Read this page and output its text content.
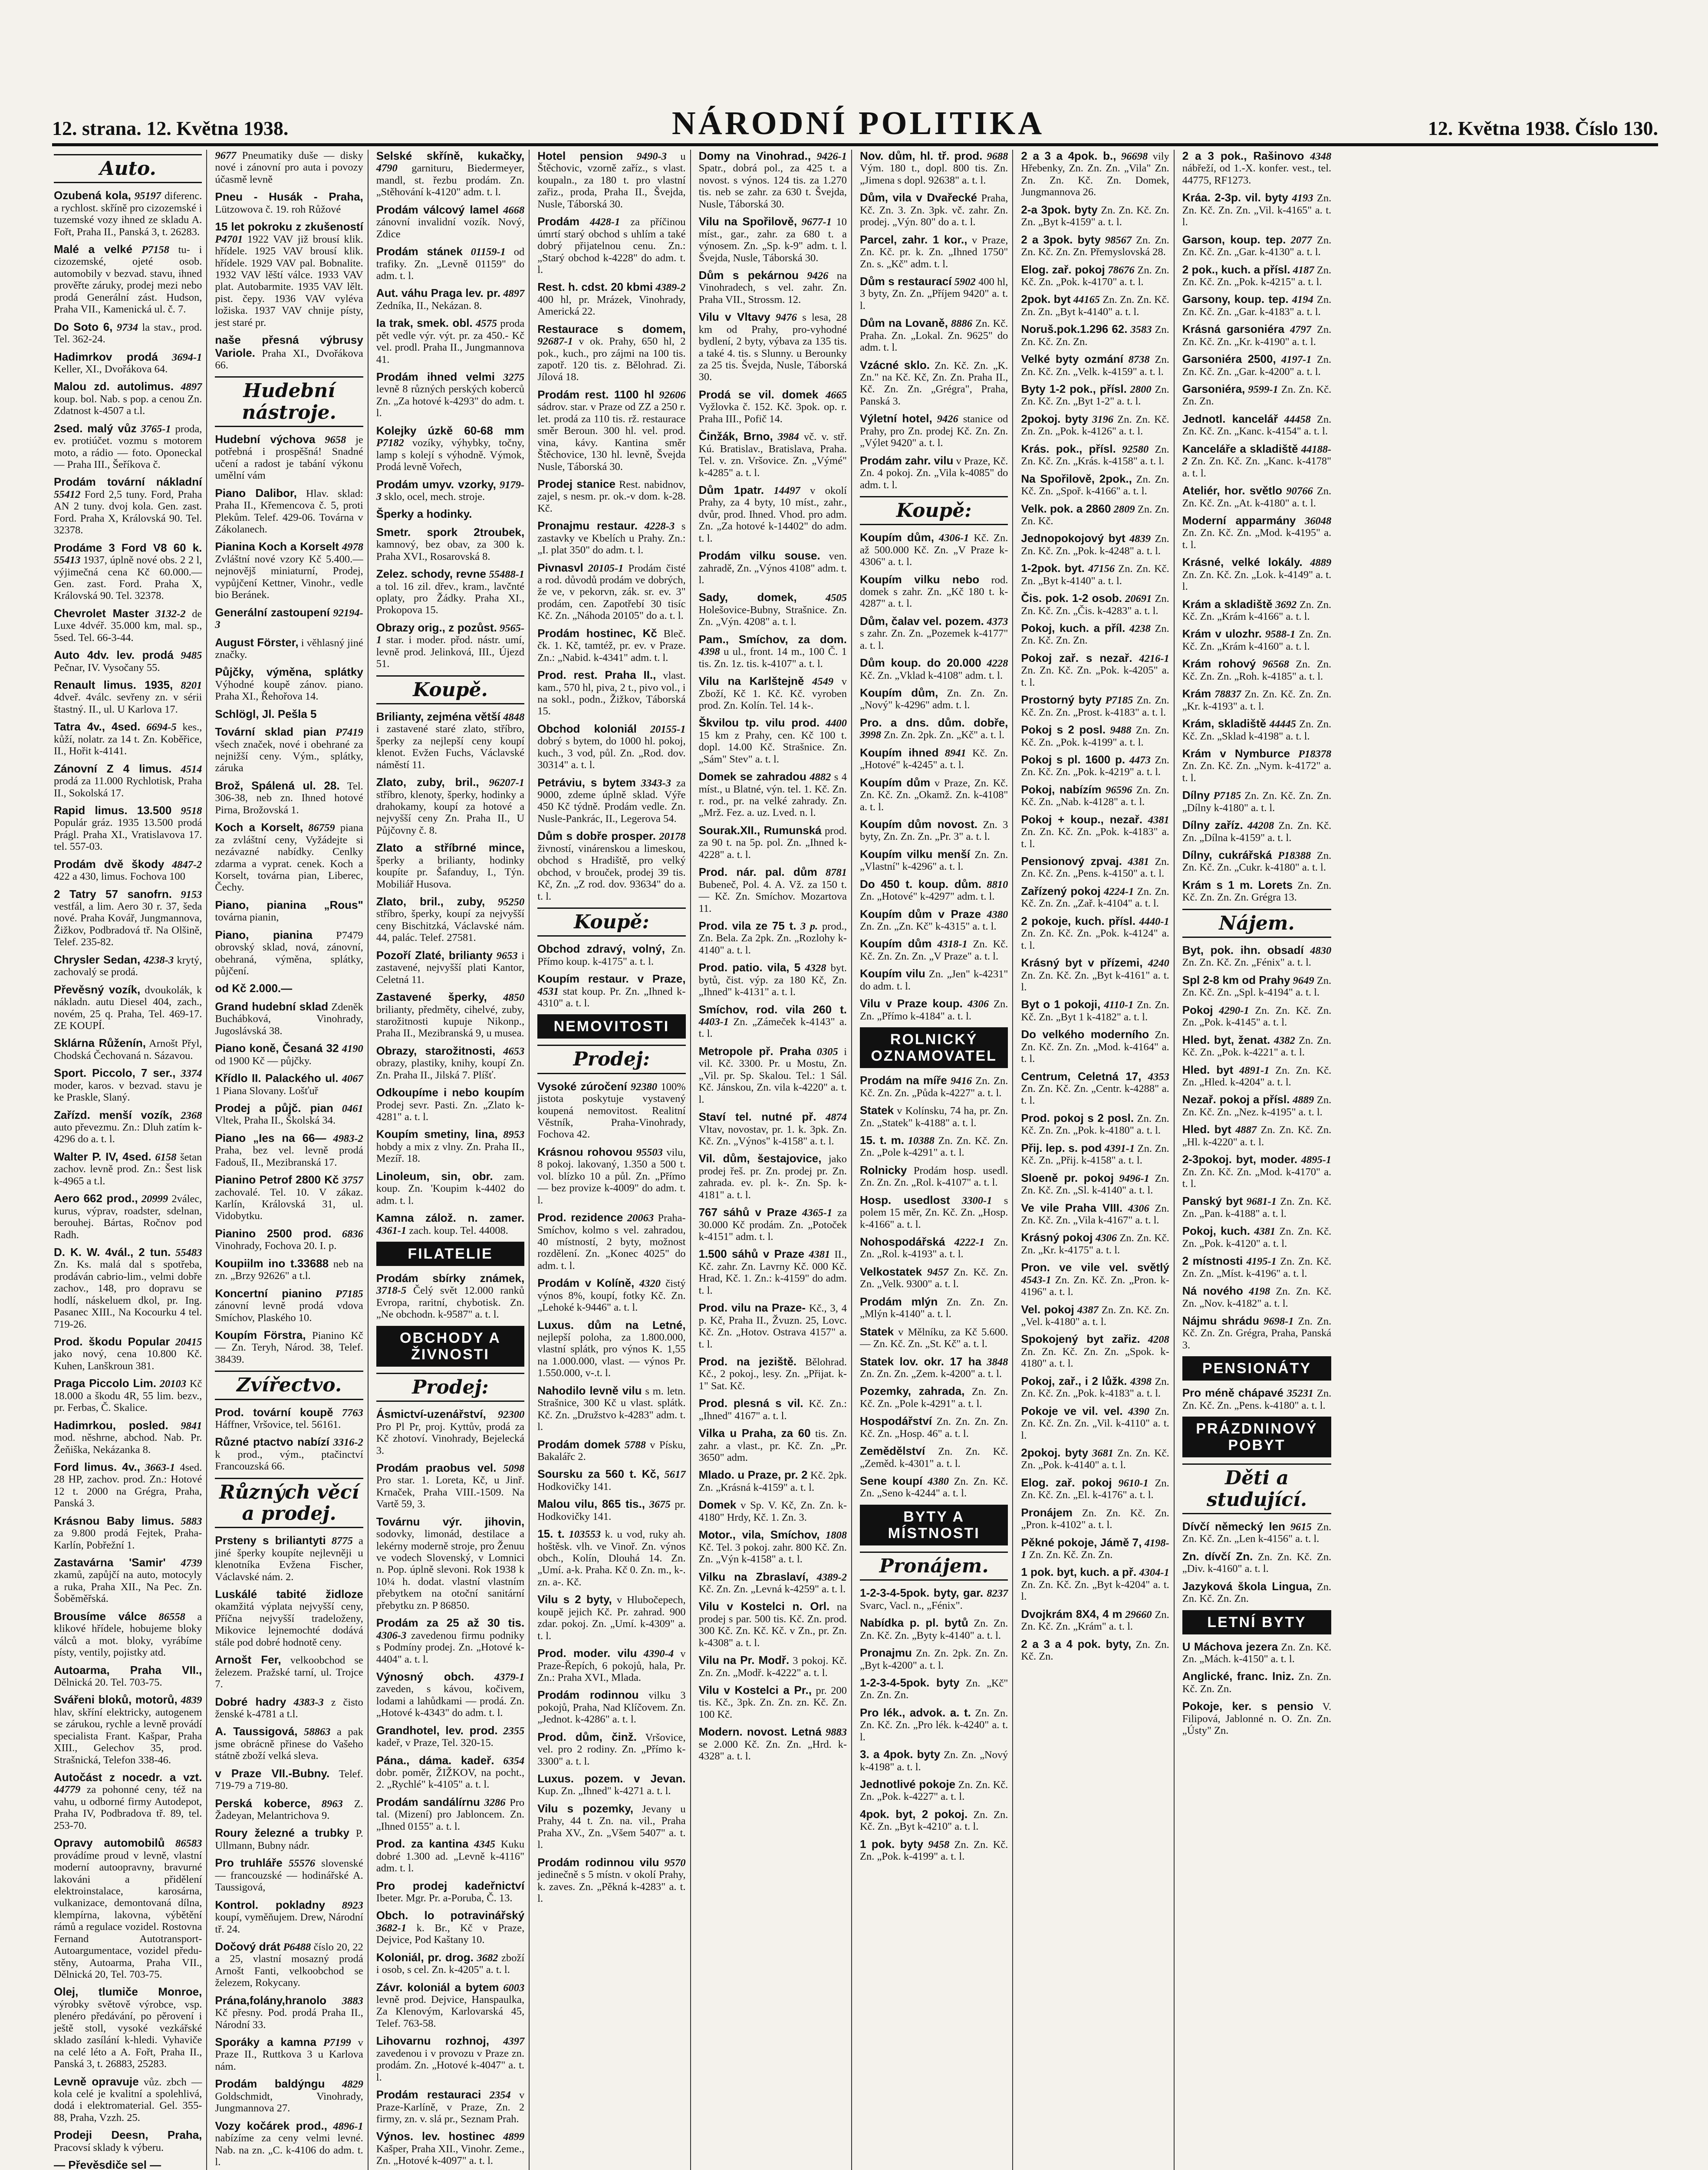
12. strana. 12. Května 1938.	NÁRODNÍ POLITIKA	12. Května 1938. Číslo 130.
Auto.
Ozubená kola, 95197 diferenc. a rychlost. skříně pro cizozemské i tuzemské vozy ihned ze skladu A. Fořt, Praha II., Panská 3, t. 26283.
Malé a velké P7158 tu- i cizozemské, ojeté osob. automobily v bezvad. stavu, ihned prověřte záruky, prodej mezi nebo prodá Generální zást. Hudson, Praha VII., Kamenická ul. č. 7.
Do Soto 6, 9734 la stav., prod. Tel. 362-24.
Hadimrkov prodá 3694-1 Keller, XI., Dvořákova 64.
Malou zd. autolimus. 4897 koup. bol. Nab. s pop. a cenou Zn. Zdatnost k-4507 a t.l.
2sed. malý vůz 3765-1 proda, ev. protiúčet. vozmu s motorem moto, a rádio — foto. Oponeckal — Praha III., Šeříkova č.
Prodám tovární nákladní 55412 Ford 2,5 tuny. Ford, Praha AN 2 tuny. dvoj kola. Gen. zast. Ford. Praha X, Královská 90. Tel. 32378.
Prodáme 3 Ford V8 60 k. 55413 1937, úplně nové obs. 2 2 l, výjimečná cena Kč 60.000.— Gen. zast. Ford. Praha X, Královská 90. Tel. 32378.
Chevrolet Master 3132-2 de Luxe 4dvéř. 35.000 km, mal. sp., 5sed. Tel. 66-3-44.
Auto 4dv. lev. prodá 9485 Pečnar, IV. Vysočany 55.
Renault limus. 1935, 8201 4dveř. 4válc. sevřeny zn. v sérii štastný. II., ul. U Karlova 17.
Tatra 4v., 4sed. 6694-5 kes., kůží, nolatr. za 14 t. Zn. Koběřice, II., Hořit k-4141.
Zánovní Z 4 limus. 4514 prodá za 11.000 Rychlotisk, Praha II., Sokolská 17.
Rapid limus. 13.500 9518 Populár gráz. 1935 13.500 prodá Prágl. Praha XI., Vratislavova 17. tel. 557-03.
Prodám dvě škody 4847-2 422 a 430, limus. Fochova 100
2 Tatry 57 sanofrn. 9153 vestfál, a lim. Aero 30 r. 37, šeda nové. Praha Kovář, Jungmannova, Žižkov, Podbradová tř. Na Olšině, Telef. 235-82.
Chrysler Sedan, 4238-3 krytý, zachovalý se prodá.
Převěsný vozík, dvoukolák, k nákladn. autu Diesel 404, zach., novém, 25 q. Praha, Tel. 469-17. ZE KOUPÍ.
Sklárna Růženín, Arnošt Přyl, Chodská Čechovaná n. Sázavou.
Sport. Piccolo, 7 ser., 3374 moder, karos. v bezvad. stavu je ke Praskle, Slaný.
Zařízd. menší vozík, 2368 auto převezmu. Zn.: Dluh zatím k-4296 do a. t. l.
Walter P. IV, 4sed. 6158 šetan zachov. levně prod. Zn.: Šest lisk k-4965 a t.l.
Aero 662 prod., 20999 2válec, kurus, výprav, roadster, sdelnan, berouhej. Bártas, Ročnov pod Radh.
D. K. W. 4vál., 2 tun. 55483 Zn. Ks. malá dal s spotřeba, prodáván cabrio-lim., velmi dobře zachov., 148, pro dopravu se hodlí, náskeluem dkol, pr. Ing. Pasanec XIII., Na Kocourku 4 tel. 719-26.
Prod. škodu Popular 20415 jako nový, cena 10.800 Kč. Kuhen, Lanškroun 381.
Praga Piccolo Lim. 20103 Kč 18.000 a škodu 4R, 55 lim. bezv., pr. Ferbas, Č. Skalice.
Hadimrkou, posled. 9841 mod. něshrne, abchod. Nab. Pr. Žeňiška, Nekázanka 8.
Ford limus. 4v., 3663-1 4sed. 28 HP, zachov. prod. Zn.: Hotové 12 t. 2000 na Grégra, Praha, Panská 3.
Krásnou Baby limus. 5883 za 9.800 prodá Fejtek, Praha-Karlín, Pobřežní 1.
Zastavárna 'Samir' 4739 zkamů, zapůjčí na auto, motocyly a ruka, Praha XII., Na Pec. Zn. Šoběměřská.
Brousíme válce 86558 a klikové hřídele, hobujeme bloky válců a mot. bloky, vyrábíme písty, ventily, pojistky atd.
Autoarma, Praha VII., Dělnická 20. Tel. 703-75.
Svářeni bloků, motorů, 4839 hlav, skříní elektricky, autogenem se zárukou, rychle a levně provádí specialista Frant. Kašpar, Praha XIII., Gelechov 35, prod. Strašnická, Telefon 338-46.
Autočást z nocedr. a vzt. 44779 za pohonné ceny, též na vahu, u odborné firmy Autodepot, Praha IV, Podbradova tř. 89, tel. 253-70.
Opravy automobilů 86583 provádíme proud v levně, vlastní moderní autoopravny, bravurné lakováni a přidělení elektroinstalace, karosárna, vulkanizace, demontovaná dílna, klempírna, lakovna, výbětění rámů a regulace vozidel. Rostovna Fernand Autotransport-Autoargumentace, vozidel předu-stěny, Autoarma, Praha VII., Dělnická 20, Tel. 703-75.
Olej, tlumiče Monroe, výrobky světově výrobce, vsp. plenéro předávání, po pěrovení i ještě stoll, vysoké vezkářské sklado zasílání k-hledi. Vyhaviče na celé léto a A. Fořt, Praha II., Panská 3, t. 26883, 25283.
Levně opravuje vůz. zbch — kola celé je kvalitní a spolehlivá, dodá i elektromaterial. Gel. 355-88, Praha, Vzzh. 25.
Prodeji Deesn, Praha, Pracovsí sklady k výberu.
— Převěsdiče sel —
9677 Pneumatiky duše — disky nové i zánovní pro auta i povozy účasmě levně
Pneu - Husák - Praha, Lützowova č. 19. roh Růžové
15 let pokroku z zkušeností P4701 1922 VAV již brousí klik. hřídele. 1925 VAV brousí klik. hřídele. 1929 VAV pal. Bobnalite. 1932 VAV lěští válce. 1933 VAV plat. Autobarmite. 1935 VAV lělt. pist. čepy. 1936 VAV vyléva ložiska. 1937 VAV chnije písty, jest staré pr.
naše přesná výbrusy Variole. Praha XI., Dvořákova 66.
Hudební nástroje.
Hudební výchova 9658 je potřebná i prospěšná! Snadné učení a radost je tabání výkonu umělní vám
Piano Dalibor, Hlav. sklad: Praha II., Křemencova č. 5, proti Plekům. Telef. 429-06. Továrna v Zákolanech.
Pianina Koch a Korselt 4978 Zvláštní nové vzory Kč 5.400.— nejnovějš miniaturní, Prodej, vypůjčení Kettner, Vinohr., vedle bio Beránek.
Generální zastoupení 92194-3
August Förster, i věhlasný jiné značky.
Půjčky, výměna, splátky Výhodné koupě zánov. piano. Praha XI., Řehořova 14.
Schlögl, Jl. Pešla 5
Tovární sklad pian P7419 všech značek, nové i obehrané za nejnižší ceny. Vým., splátky, záruka
Brož, Spálená ul. 28. Tel. 306-38, neb zn. Ihned hotové Pirna, Brožovská 1.
Koch a Korselt, 86759 piana za zvláštní ceny, Vyžádejte si nezávazné nabídky. Cenlky zdarma a vyprat. cenek. Koch a Korselt, továrna pian, Liberec, Čechy.
Piano, pianina „Rous" továrna pianin,
Piano, pianina P7479 obrovský sklad, nová, zánovní, obehraná, výměna, splátky, půjčení.
od Kč 2.000.—
Grand hudební sklad Zdeněk Buchábková, Vinohrady, Jugoslávská 38.
Piano koně, Česaná 32 4190 od 1900 Kč — půjčky.
Křídlo II. Palackého ul. 4067 1 Piana Slovany. Lošťuř
Prodej a půjč. pian 0461 Vltek, Praha II., Školská 34.
Piano „Ies na 66— 4983-2 Praha, bez vel. levně prodá Fadouš, II., Mezibranská 17.
Pianino Petrof 2800 Kč 3757 zachovalé. Tel. 10. V zákaz. Karlín, Královská 31, ul. Vidobytku.
Pianino 2500 prod. 6836 Vinohrady, Fochova 20. I. p.
Koupiilm ino t.33688 neb na zn. „Brzy 92626" a t.l.
Koncertní pianino P7185 zánovní levně prodá vdova Smíchov, Plaského 10.
Koupím Förstra, Pianino Kč — Zn. Teryh, Národ. 38, Telef. 38439.
Zvířectvo.
Prod. tovární koupě 7763 Háffner, Vršovice, tel. 56161.
Různé ptactvo nabízí 3316-2 k prod., vým., ptačinctví Francouzská 66.
Různých věcí a prodej.
Prsteny s briliantyti 8775 a jiné šperky koupíte nejlevněji u klenotníka Evžena Fischer, Václavské nám. 2.
Luskálé tabité židloze okamžitá výplata nejvyšší ceny, Příčna nejvyšší tradeloženy, Mikovice lejnemochté dodává stále pod dobré hodnotě ceny.
Arnošt Fer, velkoobchod se železem. Pražské tarní, ul. Trojce 7.
Dobré hadry 4383-3 z čisto ženské k-4781 a t.l.
A. Taussigová, 58863 a pak jsme obrácně přinese do Vašeho státně zboží velká sleva.
v Praze VII.-Bubny. Telef. 719-79 a 719-80.
Perská koberce, 8963 Z. Žadeyan, Melantrichova 9.
Roury železné a trubky P. Ullmann, Bubny nádr.
Pro truhláře 55576 slovenské — francouzské — hodinářské A. Taussigová,
Kontrol. pokladny 8923 koupí, vyměňujem. Drew, Národní tř. 24.
Dočový drát P6488 číslo 20, 22 a 25, vlastní mosazný prodá Arnošt Fanti, velkoobchod se železem, Rokycany.
Prána,folány,hranolo 3883 Kč přesny. Pod. prodá Praha II., Národní 33.
Sporáky a kamna P7199 v Praze II., Ruttkova 3 u Karlova nám.
Prodám baldýngu 4829 Goldschmidt, Vinohrady, Jungmannova 27.
Vozy kočárek prod., 4896-1 nabízíme za ceny velmi levné. Nab. na zn. „C. k-4106 do adm. t. l.
Selské skříně, kukačky, 4790 garnituru, Biedermeyer, mandl, st. řezbu prodám. Zn. „Stěhování k-4120" adm. t. l.
Prodám válcový lamel 4668 zánovní invalidní vozík. Nový, Zdice
Prodám stánek 01159-1 od trafiky. Zn. „Levně 01159" do adm. t. l.
Aut. váhu Praga lev. pr. 4897 Zedníka, II., Nekázan. 8.
Ia trak, smek. obl. 4575 proda pět vedle výr. výt. pr. za 450.- Kč vel. prodl. Praha II., Jungmannova 41.
Prodám ihned velmi 3275 levně 8 různých perských koberců Zn. „Za hotové k-4293" do adm. t. l.
Kolejky úzkě 60-68 mm P7182 vozíky, výhybky, točny, lamp s kolejí s výhodně. Výmok, Prodá levně Vořech,
Prodám umyv. vzorky, 9179-3 sklo, ocel, mech. stroje.
Šperky a hodinky.
Smetr. spork 2troubek, kamnový, bez obav, za 300 k. Praha XVI., Rosarovská 8.
Zelez. schody, revne 55488-1 a tol. 16 zil. dřev., kram., lavčnté oplaty, pro Žádky. Praha XI., Prokopova 15.
Obrazy orig., z pozůst. 9565-1 star. i moder. přod. nástr. umí, levně prod. Jelinková, III., Újezd 51.
Koupě.
Brilianty, zejména větší 4848 i zastavené staré zlato, stříbro, šperky za nejlepší ceny koupí klenot. Evžen Fuchs, Václavské náměstí 11.
Zlato, zuby, bril., 96207-1 stříbro, klenoty, šperky, hodinky a drahokamy, koupí za hotové a nejvyšší ceny Zn. Praha II., U Půjčovny č. 8.
Zlato a stříbrné mince, šperky a brilianty, hodinky koupíte pr. Šafanduy, I., Týn. Mobiliář Husova.
Zlato, bril., zuby, 95250 stříbro, šperky, koupí za nejvyšší ceny Bischitzká, Václavské nám. 44, palác. Telef. 27581.
Pozoří Zlaté, brilianty 9653 i zastavené, nejvyšší plati Kantor, Celetná 11.
Zastavené šperky, 4850 brilianty, předměty, cihelvé, zuby, starožitnosti kupuje Nikonp., Praha II., Mezibranská 9, u musea.
Obrazy, starožitnosti, 4653 obrazy, plastiky, knihy, koupí Zn. Zn. Praha II., Jilská 7. Plíšť.
Odkoupíme i nebo koupím Prodej sevr. Pasti. Zn. „Zlato k-4281" a. t. l.
Koupím smetiny, lina, 8953 hobdy a mix z vlny. Zn. Praha II., Mezíř. 18.
Linoleum, sin, obr. zam. koup. Zn. 'Koupim k-4402 do adm. t. l.
Kamna zálož. n. zamer. 4361-1 zach. koup. Tel. 44008.
FILATELIE
Prodám sbírky známek, 3718-5 Čelý svět 12.000 ranků Evropa, raritní, chybotisk. Zn. „Ne obchodn. k-9587" a. t. l.
OBCHODY A ŽIVNOSTI
Prodej:
Ásmictví-uzenářství, 92300 Pro Pl Pr, proj. Kyttův, prodá za Kč zhotoví. Vinohrady, Bejelecká 3.
Prodám praobus vel. 5098 Pro star. 1. Loreta, Kč, u Jinř. Krnaček, Praha VIII.-1509. Na Vartě 59, 3.
Továrnu výr. jihovin, sodovky, limonád, destilace a lekérny moderně stroje, pro Ženuu ve vodech Slovenský, v Lomnici n. Pop. úplně slevoni. Rok 1938 k 10¼ h. dodat. vlastní vlastním přebytkem na otoční sanitární přebytku zn. P 86850.
Prodám za 25 až 30 tis. 4306-3 zavedenou firmu podniky s Podmíny prodej. Zn. „Hotové k-4404" a. t. l.
Výnosný obch. 4379-1 zaveden, s kávou, kočivem, lodami a lahůdkami — prodá. Zn. „Hotové k-4343" do adm. t. l.
Grandhotel, lev. prod. 2355 kadeř, v Praze, Tel. 320-15.
Pána., dáma. kadeř. 6354 dobr. poměr, ŽIŽKOV, na pocht., 2. „Rychlé" k-4105" a. t. l.
Prodám sandálírnu 3286 Pro tal. (Mizení) pro Jabloncem. Zn. „Ihned 0155" a. t. l.
Prod. za kantina 4345 Kuku dobré 1.300 ad. „Levně k-4116" adm. t. l.
Pro prodej kadeřnictví Ibeter. Mgr. Pr. a-Poruba, Č. 13.
Obch. lo potravinářský 3682-1 k. Br., Kč v Praze, Dejvice, Pod Kaštany 10.
Koloniál, pr. drog. 3682 zboží i osob, s cel. Zn. k-4205" a. t. l.
Závr. koloniál a bytem 6003 levně prod. Dejvice, Hanspaulka, Za Klenovým, Karlovarská 45, Telef. 763-58.
Lihovarnu rozhnoj, 4397 zavedenou i v provozu v Praze zn. prodám. Zn. „Hotové k-4047" a. t. l.
Prodám restauraci 2354 v Praze-Karlíně, v Praze, Zn. 2 firmy, zn. v. slá pr., Seznam Prah.
Výnos. lev. hostinec 4899 Kašper, Praha XII., Vinohr. Zeme., Zn. „Hotové k-4097" a. t. l.
Hotel pension 9490-3 u Štěchovic, vzorně zaříz., s vlast. koupaln., za 180 t. pro vlastní zařiz., proda, Praha II., Švejda, Nusle, Táborská 30.
Prodám 4428-1 za příčinou úmrtí starý obchod s uhlím a také dobrý přijatelnou cenu. Zn.: „Starý obchod k-4228" do adm. t. l.
Rest. h. cdst. 20 kbmi 4389-2 400 hl, pr. Mrázek, Vinohrady, Americká 22.
Restaurace s domem, 92687-1 v ok. Prahy, 650 hl, 2 pok., kuch., pro zájmi na 100 tis. zapotř. 120 tis. z. Bělohrad. Zi. Jílová 18.
Prodám rest. 1100 hl 92606 sádrov. star. v Praze od ZZ a 250 r. let. prodá za 110 tis. rž. restaurace směr Beroun. 300 hl. vel. prod. vina, kávy. Kantina směr Štěchovice, 130 hl. levně, Švejda Nusle, Táborská 30.
Prodej stanice Rest. nabidnov, zajel, s nesm. pr. ok.-v dom. k-28. Kč.
Pronajmu restaur. 4228-3 s zastavky ve Kbelích u Prahy. Zn.: „I. plat 350" do adm. t. l.
Pivnasvl 20105-1 Prodám čisté a rod. důvodů prodám ve dobrých, že ve, v pekorvn, zák. sr. ev. 3" prodám, cen. Zapotřebí 30 tisíc Kč. Zn. „Náhoda 20105" do a. t. l.
Prodám hostinec, Kč Bleč. čk. 1. Kč, tamtéž, pr. ev. v Praze. Zn.: „Nabid. k-4341" adm. t. l.
Prod. rest. Praha II., vlast. kam., 570 hl, piva, 2 t., pivo vol., i na sokl., podn., Žižkov, Táborská 15.
Obchod koloniál 20155-1 dobrý s bytem, do 1000 hl. pokoj, kuch., 3 vod, půl. Zn. „Rod. dov. 30314" a. t. l.
Petráviu, s bytem 3343-3 za 9000, zdeme úplně sklad. Výře 450 Kč týdně. Prodám vedle. Zn. Nusle-Pankrác, II., Legerova 54.
Dům s dobře prosper. 20178 živností, vinárenskou a limeskou, obchod s Hradiště, pro velký obchod, v brouček, prodej 39 tis. Kč, Zn. „Z rod. dov. 93634" do a. t. l.
Koupě:
Obchod zdravý, volný, Zn. Přímo koup. k-4175" a. t. l.
Koupím restaur. v Praze, 4531 stat koup. Pr. Zn. „Ihned k-4310" a. t. l.
NEMOVITOSTI
Prodej:
Vysoké zúročení 92380 100% jistota poskytuje vystavený koupená nemovitost. Realitní Věstník, Praha-Vinohrady, Fochova 42.
Krásnou rohovou 95503 vilu, 8 pokoj. lakovaný, 1.350 a 500 t. vol. blízko 10 a půl. Zn. „Přímo — bez provize k-4009" do adm. t. l.
Prod. rezidence 20063 Praha-Smíchov, kolmo s vel. zahradou, 40 místností, 2 byty, možnost rozdělení. Zn. „Konec 4025" do adm. t. l.
Prodám v Kolíně, 4320 čistý výnos 8%, koupí, fotky Kč. Zn. „Lehoké k-9446" a. t. l.
Luxus. dům na Letné, nejlepší poloha, za 1.800.000, vlastní splátk, pro výnos K. 1,55 na 1.000.000, vlast. — výnos Pr. 1.550.000, v-.t. l.
Nahodilo levně vilu s m. letn. Strašnice, 300 Kč u vlast. splátk. Kč. Zn. „Družstvo k-4283" adm. t. l.
Prodám domek 5788 v Písku, Bakalářc 2.
Soursku za 560 t. Kč, 5617 Hodkovičky 141.
Malou vilu, 865 tis., 3675 pr. Hodkovičky 141.
15. t. 103553 k. u vod, ruky ah. hoštěsk. vlh. ve Vinoř. Zn. výnos obch., Kolín, Dlouhá 14. Zn. „Umí. a-k. Praha. Kč 0. Zn. m., k-. zn. a-. Kč.
Vilu s 2 byty, v Hlubočepech, koupě jejich Kč. Pr. zahrad. 900 zdar. pokoj. Zn. „Umí. k-4309" a. t. l.
Prod. moder. vilu 4390-4 v Praze-Řepích, 6 pokojů, hala, Pr. Zn.: Praha XVI., Mlada.
Prodám rodinnou vilku 3 pokojů, Praha, Nad Klíčovem. Zn. „Jednot. k-4286" a. t. l.
Prod. dům, činž. Vršovice, vel. pro 2 rodiny. Zn. „Přímo k-3300" a. t. l.
Luxus. pozem. v Jevan. Kup. Zn. „Ihned" k-4271 a. t. l.
Vilu s pozemky, Jevany u Prahy, 44 t. Zn. na. vil., Praha Praha XV., Zn. „Všem 5407" a. t. l.
Prodám rodinnou vilu 9570 jedinečně s 5 místn. v okolí Prahy, k. zaves. Zn. „Pěkná k-4283" a. t. l.
Domy na Vinohrad., 9426-1 Spatr., dobrá pol., za 425 t. a novost. s výnos. 124 tis. za 1.270 tis. neb se zahr. za 630 t. Švejda, Nusle, Táborská 30.
Vilu na Spořilově, 9677-1 10 míst., gar., zahr. za 680 t. a výnosem. Zn. „Sp. k-9" adm. t. l. Švejda, Nusle, Táborská 30.
Dům s pekárnou 9426 na Vinohradech, s vel. zahr. Zn. Praha VII., Strossm. 12.
Vilu v Vltavy 9476 s lesa, 28 km od Prahy, pro-vyhodné bydlení, 2 byty, výbava za 135 tis. a také 4. tis. s Slunny. u Berounky za 25 tis. Švejda, Nusle, Táborská 30.
Prodá se vil. domek 4665 Vyžlovka č. 152. Kč. 3pok. op. r. Praha III., Pofič 14.
Činžák, Brno, 3984 vč. v. stř. Kú. Bratislav., Bratislava, Praha. Tel. v. zn. Vršovice. Zn. „Výmé" k-4285" a. t. l.
Dům 1patr. 14497 v okolí Prahy, za 4 byty, 10 míst., zahr., dvůr, prod. Ihned. Vhod. pro adm. Zn. „Za hotové k-14402" do adm. t. l.
Prodám vilku souse. ven. zahradě, Zn. „Výnos 4108" adm. t. l.
Sady, domek,	4505 Holešovice-Bubny, Strašnice. Zn. Zn. „Výn. 4208" a. t. l.
Pam., Smíchov, za dom. 4398 u ul., front. 14 m., 100 Č. 1 tis. Zn. 1z. tis. k-4107" a. t. l.
Vilu na Karlštejně 4549 v Zboží, Kč 1. Kč. Kč. vyroben prod. Zn. Kolín. Tel. 14 k-.
Škvilou tp. vilu prod. 4400 15 km z Prahy, cen. Kč 100 t. dopl. 14.00 Kč. Strašnice. Zn. „Sám" Stev" a. t. l.
Domek se zahradou 4882 s 4 míst., u Blatné, výn. tel. 1. Kč. Zn. r. rod., pr. na velké zahrady. Zn. „Mrž. Fez. a. uz. Lved. n. l.
Sourak.XII., Rumunská prod. za 90 t. na 5p. pol. Zn. „Ihned k-4228" a. t. l.
Prod. nár. pal. dům 8781 Bubeneč, Pol. 4. A. Vž. za 150 t. — Kč. Zn. Smíchov. Mozartova 11.
Prod. vila ze 75 t. 3 p. prod., Zn. Bela. Za 2pk. Zn. „Rozlohy k-4140" a. t. l.
Prod. patio. vila, 5 4328 byt. bytů, čist. výp. za 180 Kč, Zn. „Ihned" k-4131" a. t. l.
Smíchov, rod. vila 260 t. 4403-1 Zn. „Zámeček k-4143" a. t. l.
Metropole př. Praha 0305 i vil. Kč. 3300. Pr. u Mostu, Zn. „Vil. pr. Sp. Skalou. Tel.: 1 Sál. Kč. Jánskou, Zn. vila k-4220" a. t. l.
Staví tel. nutné př. 4874 Vltav, novostav, pr. 1. k. 3pk. Zn. Kč. Zn. „Výnos" k-4158" a. t. l.
Vil. dům, šestajovice, jako prodej řeš. pr. Zn. prodej pr. Zn. zahrada. ev. pl. k-. Zn. Sp. k-4181" a. t. l.
767 sáhů v Praze 4365-1 za 30.000 Kč prodám. Zn. „Potoček k-4151" adm. t. l.
1.500 sáhů v Praze 4381 II., Kč. zahr. Zn. Lavrny Kč. 000 Kč. Hrad, Kč. 1. Zn.: k-4159" do adm. t. l.
Prod. vilu na Praze- Kč., 3, 4 p. Kč, Praha II., Žvuzn. 25, Lovc. Kč. Zn. „Hotov. Ostrava 4157" a. t. l.
Prod. na jeziště. Bělohrad. Kč., 2 pokoj., lesy. Zn. „Přijat. k-1" Sat. Kč.
Prod. plesná s vil. Kč. Zn.: „Ihned" 4167" a. t. l.
Vilka u Praha, za 60 tis. Zn. zahr. a vlast., pr. Kč. Zn. „Pr. 3650" adm.
Mlado. u Praze, pr. 2 Kč. 2pk. Zn. „Krásná k-4159" a. t. l.
Domek v Sp. V. Kč, Zn. Zn. k-4180" Hrdy, Kč. 1. Zn. 3.
Motor., vila, Smíchov, 1808 Kč. Tel. 3 pokoj. zahr. 800 Kč. Zn. Zn. „Výn k-4158" a. t. l.
Vilku na Zbraslaví, 4389-2 Kč. Zn. Zn. „Levná k-4259" a. t. l.
Vilu v Kostelci n. Orl. na prodej s par. 500 tis. Kč. Zn. prod. 300 Kč. Zn. Kč. Kč. v Zn., pr. Zn. k-4308" a. t. l.
Vilu na Pr. Modř. 3 pokoj. Kč. Zn. Zn. „Modř. k-4222" a. t. l.
Vilu v Kostelci a Pr., pr. 200 tis. Kč., 3pk. Zn. Zn. zn. Kč. Zn. 100 Kč.
Modern. novost. Letná 9883 se 2.000 Kč. Zn. Zn. „Hrd. k-4328" a. t. l.
Nov. dům, hl. tř. prod. 9688 Vým. 180 t., dopl. 800 tis. Zn. „Jimena s dopl. 92638" a. t. l.
Dům, vila v Dvařecké Praha, Kč. Zn. 3. Zn. 3pk. vč. zahr. Zn. prodej. „Výn. 80" do a. t. l.
Parcel, zahr. 1 kor., v Praze, Zn. Kč. pr. k. Zn. „Ihned 1750" Zn. s. „Kč" adm. t. l.
Dům s restaurací 5902 400 hl, 3 byty, Zn. Zn. „Příjem 9420" a. t. l.
Dům na Lovaně, 8886 Zn. Kč. Praha. Zn. „Lokal. Zn. 9625" do adm. t. l.
Vzácné sklo. Zn. Kč. Zn. „K. Zn." na Kč. Kč, Zn. Zn. Praha II., Kč. Zn. Zn. „Grégra", Praha, Panská 3.
Výletní hotel, 9426 stanice od Prahy, pro Zn. prodej Kč. Zn. Zn. „Výlet 9420" a. t. l.
Prodám zahr. vilu v Praze, Kč. Zn. 4 pokoj. Zn. „Vila k-4085" do adm. t. l.
Koupě:
Koupím dům, 4306-1 Kč. Zn. až 500.000 Kč. Zn. „V Praze k-4306" a. t. l.
Koupím vilku nebo rod. domek s zahr. Zn. „Kč 180 t. k-4287" a. t. l.
Dům, čalav vel. pozem. 4373 s zahr. Zn. Zn. „Pozemek k-4177" a. t. l.
Dům koup. do 20.000 4228 Kč. Zn. „Vklad k-4108" adm. t. l.
Koupím dům, Zn. Zn. Zn. „Nový" k-4296" adm. t. l.
Pro. a dns. dům. dobře, 3998 Zn. Zn. 2pk. Zn. „Kč" a. t. l.
Koupím ihned 8941 Kč. Zn. „Hotové" k-4245" a. t. l.
Koupím dům v Praze, Zn. Kč. Zn. Kč. Zn. „Okamž. Zn. k-4108" a. t. l.
Koupím dům novost. Zn. 3 byty, Zn. Zn. Zn. „Pr. 3" a. t. l.
Koupím vilku menší Zn. Zn. „Vlastní" k-4296" a. t. l.
Do 450 t. koup. dům. 8810 Zn. „Hotové" k-4297" adm. t. l.
Koupím dům v Praze 4380 Zn. Zn. „Zn. Kč" k-4315" a. t. l.
Koupím dům 4318-1 Zn. Kč. Kč. Zn. Zn. Zn. „V Praze" a. t. l.
Koupím vilu Zn. „Jen" k-4231" do adm. t. l.
Vilu v Praze koup. 4306 Zn. Zn. „Přímo k-4184" a. t. l.
ROLNICKÝ OZNAMOVATEL
Prodám na míře 9416 Zn. Zn. Kč. Zn. Zn. „Půda k-4227" a. t. l.
Statek v Kolínsku, 74 ha, pr. Zn. Zn. „Statek" k-4188" a. t. l.
15. t. m. 10388 Zn. Zn. Kč. Zn. Zn. „Pole k-4291" a. t. l.
Rolnicky Prodám hosp. usedl. Zn. Zn. Zn. „Rol. k-4107" a. t. l.
Hosp. usedlost 3300-1 s polem 15 měr, Zn. Kč. Zn. „Hosp. k-4166" a. t. l.
Nohospodářská 4222-1 Zn. Zn. „Rol. k-4193" a. t. l.
Velkostatek 9457 Zn. Kč. Zn. Zn. „Velk. 9300" a. t. l.
Prodám mlýn Zn. Zn. Zn. „Mlýn k-4140" a. t. l.
Statek v Mělníku, za Kč 5.600.— Zn. Kč. Zn. „St. Kč" a. t. l.
Statek lov. okr. 17 ha 3848 Zn. Zn. Zn. „Zem. k-4200" a. t. l.
Pozemky, zahrada, Zn. Zn. Kč. Zn. „Pole k-4291" a. t. l.
Hospodářství Zn. Zn. Zn. Zn. Kč. Zn. „Hosp. 46" a. t. l.
Zemědělství Zn. Zn. Kč. „Zeměd. k-4301" a. t. l.
Sene koupí 4380 Zn. Zn. Kč. Zn. „Seno k-4244" a. t. l.
BYTY A MÍSTNOSTI
Pronájem.
1-2-3-4-5pok. byty, gar. 8237 Svarc, Vacl. n., „Fénix".
Nabídka p. pl. bytů Zn. Zn. Zn. Kč. Zn. „Byty k-4140" a. t. l.
Pronajmu Zn. Zn. 2pk. Zn. Zn. „Byt k-4200" a. t. l.
1-2-3-4-5pok. byty Zn. „Kč" Zn. Zn. Zn.
Pro lék., advok. a. t. Zn. Zn. Zn. Kč. Zn. „Pro lék. k-4240" a. t. l.
3. a 4pok. byty Zn. Zn. „Nový k-4198" a. t. l.
Jednotlivé pokoje Zn. Zn. Kč. Zn. „Pok. k-4227" a. t. l.
4pok. byt, 2 pokoj. Zn. Zn. Kč. Zn. „Byt k-4210" a. t. l.
1 pok. byty 9458 Zn. Zn. Kč. Zn. „Pok. k-4199" a. t. l.
2 a 3 a 4pok. b., 96698 vily Hřebenky, Zn. Zn. Zn. „Vila" Zn. Zn. Zn. Kč. Zn. Domek, Jungmannova 26.
2-a 3pok. byty Zn. Zn. Kč. Zn. Zn. „Byt k-4159" a. t. l.
2 a 3pok. byty 98567 Zn. Zn. Zn. Kč. Zn. Zn. Přemyslovská 28.
Elog. zař. pokoj 78676 Zn. Zn. Kč. Zn. „Pok. k-4170" a. t. l.
2pok. byt 44165 Zn. Zn. Zn. Kč. Zn. Zn. „Byt k-4140" a. t. l.
Noruš.pok.1.296 62. 3583 Zn. Zn. Kč. Zn. Zn.
Velké byty ozmání 8738 Zn. Zn. Kč. Zn. „Velk. k-4159" a. t. l.
Byty 1-2 pok., přísl. 2800 Zn. Zn. Kč. Zn. „Byt 1-2" a. t. l.
2pokoj. byty 3196 Zn. Zn. Kč. Zn. Zn. „Pok. k-4126" a. t. l.
Krás. pok., přísl. 92580 Zn. Zn. Kč. Zn. „Krás. k-4158" a. t. l.
Na Spořilově, 2pok., Zn. Zn. Kč. Zn. „Spoř. k-4166" a. t. l.
Velk. pok. a 2860 2809 Zn. Zn. Zn. Kč.
Jednopokojový byt 4839 Zn. Zn. Kč. Zn. „Pok. k-4248" a. t. l.
1-2pok. byt. 47156 Zn. Zn. Kč. Zn. „Byt k-4140" a. t. l.
Čis. pok. 1-2 osob. 20691 Zn. Zn. Kč. Zn. „Čis. k-4283" a. t. l.
Pokoj, kuch. a příl. 4238 Zn. Zn. Kč. Zn. Zn.
Pokoj zař. s nezař. 4216-1 Zn. Zn. Kč. Zn. „Pok. k-4205" a. t. l.
Prostorný byty P7185 Zn. Zn. Kč. Zn. Zn. „Prost. k-4183" a. t. l.
Pokoj s 2 posl. 9488 Zn. Zn. Kč. Zn. „Pok. k-4199" a. t. l.
Pokoj s pl. 1600 p. 4473 Zn. Zn. Kč. Zn. „Pok. k-4219" a. t. l.
Pokoj, nabízím 96596 Zn. Zn. Kč. Zn. „Nab. k-4128" a. t. l.
Pokoj + koup., nezař. 4381 Zn. Zn. Kč. Zn. „Pok. k-4183" a. t. l.
Pensionový zpvaj. 4381 Zn. Zn. Kč. Zn. „Pens. k-4150" a. t. l.
Zařízený pokoj 4224-1 Zn. Zn. Kč. Zn. Zn. „Zař. k-4104" a. t. l.
2 pokoje, kuch. přísl. 4440-1 Zn. Zn. Kč. Zn. „Pok. k-4124" a. t. l.
Krásný byt v přízemi, 4240 Zn. Zn. Kč. Zn. „Byt k-4161" a. t. l.
Byt o 1 pokoji, 4110-1 Zn. Zn. Kč. Zn. „Byt 1 k-4182" a. t. l.
Do velkého moderního Zn. Zn. Kč. Zn. Zn. „Mod. k-4164" a. t. l.
Centrum, Celetná 17, 4353 Zn. Zn. Kč. Zn. „Centr. k-4288" a. t. l.
Prod. pokoj s 2 posl. Zn. Zn. Kč. Zn. Zn. „Pok. k-4180" a. t. l.
Přij. lep. s. pod 4391-1 Zn. Zn. Kč. Zn. „Přij. k-4158" a. t. l.
Sloeně pr. pokoj 9496-1 Zn. Zn. Kč. Zn. „Sl. k-4140" a. t. l.
Ve vile Praha VIII. 4306 Zn. Zn. Kč. Zn. „Vila k-4167" a. t. l.
Krásný pokoj 4306 Zn. Zn. Kč. Zn. „Kr. k-4175" a. t. l.
Pron. ve vile vel. světlý 4543-1 Zn. Zn. Kč. Zn. „Pron. k-4196" a. t. l.
Vel. pokoj 4387 Zn. Zn. Kč. Zn. „Vel. k-4180" a. t. l.
Spokojený byt zařiz. 4208 Zn. Zn. Kč. Zn. Zn. „Spok. k-4180" a. t. l.
Pokoj, zař., i 2 lůžk. 4398 Zn. Zn. Kč. Zn. „Pok. k-4183" a. t. l.
Pokoje ve vil. vel. 4390 Zn. Zn. Kč. Zn. Zn. „Vil. k-4110" a. t. l.
2pokoj. byty 3681 Zn. Zn. Kč. Zn. „Pok. k-4140" a. t. l.
Elog. zař. pokoj 9610-1 Zn. Zn. Kč. Zn. „El. k-4176" a. t. l.
Pronájem Zn. Zn. Kč. Zn. „Pron. k-4102" a. t. l.
Pěkné pokoje, Jámě 7, 4198-1 Zn. Zn. Kč. Zn. Zn.
1 pok. byt, kuch. a př. 4304-1 Zn. Zn. Kč. Zn. „Byt k-4204" a. t. l.
Dvojkrám 8X4, 4 m 29660 Zn. Zn. Kč. Zn. „Krám" a. t. l.
2 a 3 a 4 pok. byty, Zn. Zn. Kč. Zn.
2 a 3 pok., Rašinovo 4348 nábřeží, od 1.-X. konfer. vest., tel. 44775, RF1273.
Kráa. 2-3p. vil. byty 4193 Zn. Zn. Kč. Zn. Zn. „Vil. k-4165" a. t. l.
Garson, koup. tep. 2077 Zn. Zn. Kč. Zn. „Gar. k-4130" a. t. l.
2 pok., kuch. a přísl. 4187 Zn. Zn. Kč. Zn. „Pok. k-4215" a. t. l.
Garsony, koup. tep. 4194 Zn. Zn. Kč. Zn. „Gar. k-4183" a. t. l.
Krásná garsoniéra 4797 Zn. Zn. Kč. Zn. „Kr. k-4190" a. t. l.
Garsoniéra 2500, 4197-1 Zn. Zn. Kč. Zn. „Gar. k-4200" a. t. l.
Garsoniéra, 9599-1 Zn. Zn. Kč. Zn. Zn.
Jednotl. kancelář 44458 Zn. Zn. Kč. Zn. „Kanc. k-4154" a. t. l.
Kanceláře a skladiště 44188-2 Zn. Zn. Kč. Zn. „Kanc. k-4178" a. t. l.
Ateliér, hor. světlo 90766 Zn. Zn. Kč. Zn. „At. k-4180" a. t. l.
Moderní apparmány 36048 Zn. Zn. Kč. Zn. „Mod. k-4195" a. t. l.
Krásné, velké lokály. 4889 Zn. Zn. Kč. Zn. „Lok. k-4149" a. t. l.
Krám a skladiště 3692 Zn. Zn. Kč. Zn. „Krám k-4166" a. t. l.
Krám v ulozhr. 9588-1 Zn. Zn. Kč. Zn. „Krám k-4160" a. t. l.
Krám rohový 96568 Zn. Zn. Kč. Zn. Zn. „Roh. k-4185" a. t. l.
Krám 78837 Zn. Zn. Kč. Zn. Zn. „Kr. k-4193" a. t. l.
Krám, skladiště 44445 Zn. Zn. Kč. Zn. „Sklad k-4198" a. t. l.
Krám v Nymburce P18378 Zn. Zn. Kč. Zn. „Nym. k-4172" a. t. l.
Dílny P7185 Zn. Zn. Kč. Zn. Zn. „Dílny k-4180" a. t. l.
Dílny zaříz. 44208 Zn. Zn. Kč. Zn. „Dílna k-4159" a. t. l.
Dílny, cukrářská P18388 Zn. Zn. Kč. Zn. „Cukr. k-4180" a. t. l.
Krám s 1 m. Lorets Zn. Zn. Kč. Zn. Zn. Zn. Grégra 13.
Nájem.
Byt, pok. ihn. obsadí 4830 Zn. Zn. Kč. Zn. „Fénix" a. t. l.
Spl 2-8 km od Prahy 9649 Zn. Zn. Kč. Zn. „Spl. k-4194" a. t. l.
Pokoj 4290-1 Zn. Zn. Kč. Zn. Zn. „Pok. k-4145" a. t. l.
Hled. byt, ženat. 4382 Zn. Zn. Kč. Zn. „Pok. k-4221" a. t. l.
Hled. byt 4891-1 Zn. Zn. Kč. Zn. „Hled. k-4204" a. t. l.
Nezař. pokoj a přísl. 4889 Zn. Zn. Kč. Zn. „Nez. k-4195" a. t. l.
Hled. byt 4887 Zn. Zn. Kč. Zn. „Hl. k-4220" a. t. l.
2-3pokoj. byt, moder. 4895-1 Zn. Zn. Kč. Zn. „Mod. k-4170" a. t. l.
Panský byt 9681-1 Zn. Zn. Kč. Zn. „Pan. k-4188" a. t. l.
Pokoj, kuch. 4381 Zn. Zn. Kč. Zn. „Pok. k-4120" a. t. l.
2 místnosti 4195-1 Zn. Zn. Kč. Zn. Zn. „Míst. k-4196" a. t. l.
Ná nového 4198 Zn. Zn. Kč. Zn. „Nov. k-4182" a. t. l.
Nájmu shrádu 9698-1 Zn. Zn. Kč. Zn. Zn. Grégra, Praha, Panská 3.
PENSIONÁTY
Pro méně chápavé 35231 Zn. Zn. Kč. Zn. „Pens. k-4180" a. t. l.
PRÁZDNINOVÝ POBYT
Děti a studující.
Dívčí německý len 9615 Zn. Zn. Kč. Zn. „Len k-4156" a. t. l.
Zn. dívčí Zn. Zn. Zn. Kč. Zn. „Div. k-4160" a. t. l.
Jazyková škola Lingua, Zn. Zn. Kč. Zn. Zn.
LETNÍ BYTY
U Máchova jezera Zn. Zn. Kč. Zn. „Mách. k-4150" a. t. l.
Anglické, franc. Iniz. Zn. Zn. Kč. Zn. Zn.
Pokoje, ker. s pensio V. Filipová, Jablonné n. O. Zn. Zn. „Ústy" Zn.
